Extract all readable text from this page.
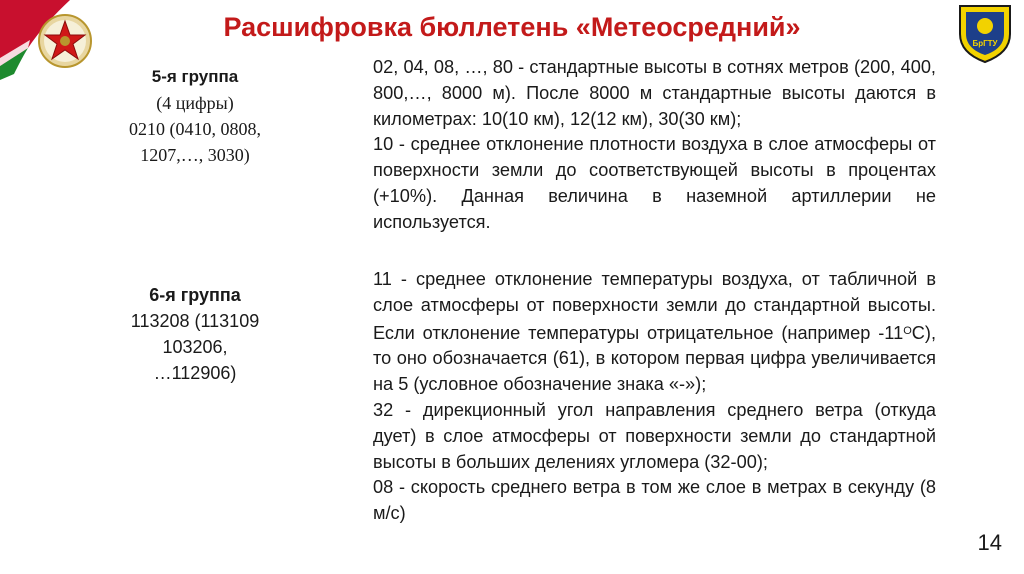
Расшифровка бюллетень «Метеосредний»
БрГТУ
5-я группа
(4 цифры)
0210 (0410, 0808,
1207,…, 3030)

02, 04, 08, …, 80 - стандартные высоты в сотнях метров (200, 400, 800,…, 8000 м). После 8000 м стандартные высоты даются в километрах: 10(10 км), 12(12 км), 30(30 км);

10 - среднее отклонение плотности воздуха в слое атмосферы от поверхности земли до соответствующей высоты в процентах (+10%). Данная величина в наземной артиллерии не используется.

6-я группа
113208 (113109
103206,
…112906)

11 - среднее отклонение температуры воздуха, от табличной в слое атмосферы от поверхности земли до стандартной высоты. Если отклонение температуры отрицательное (например $-11^ОС$), то оно обозначается (61), в котором первая цифра увеличивается на 5 (условное обозначение знака «-»);

32 - дирекционный угол направления среднего ветра (откуда дует) в слое атмосферы от поверхности земли до стандартной высоты в больших делениях угломера (32-00);

08 - скорость среднего ветра в том же слое в метрах в секунду (8 м/с)

14
